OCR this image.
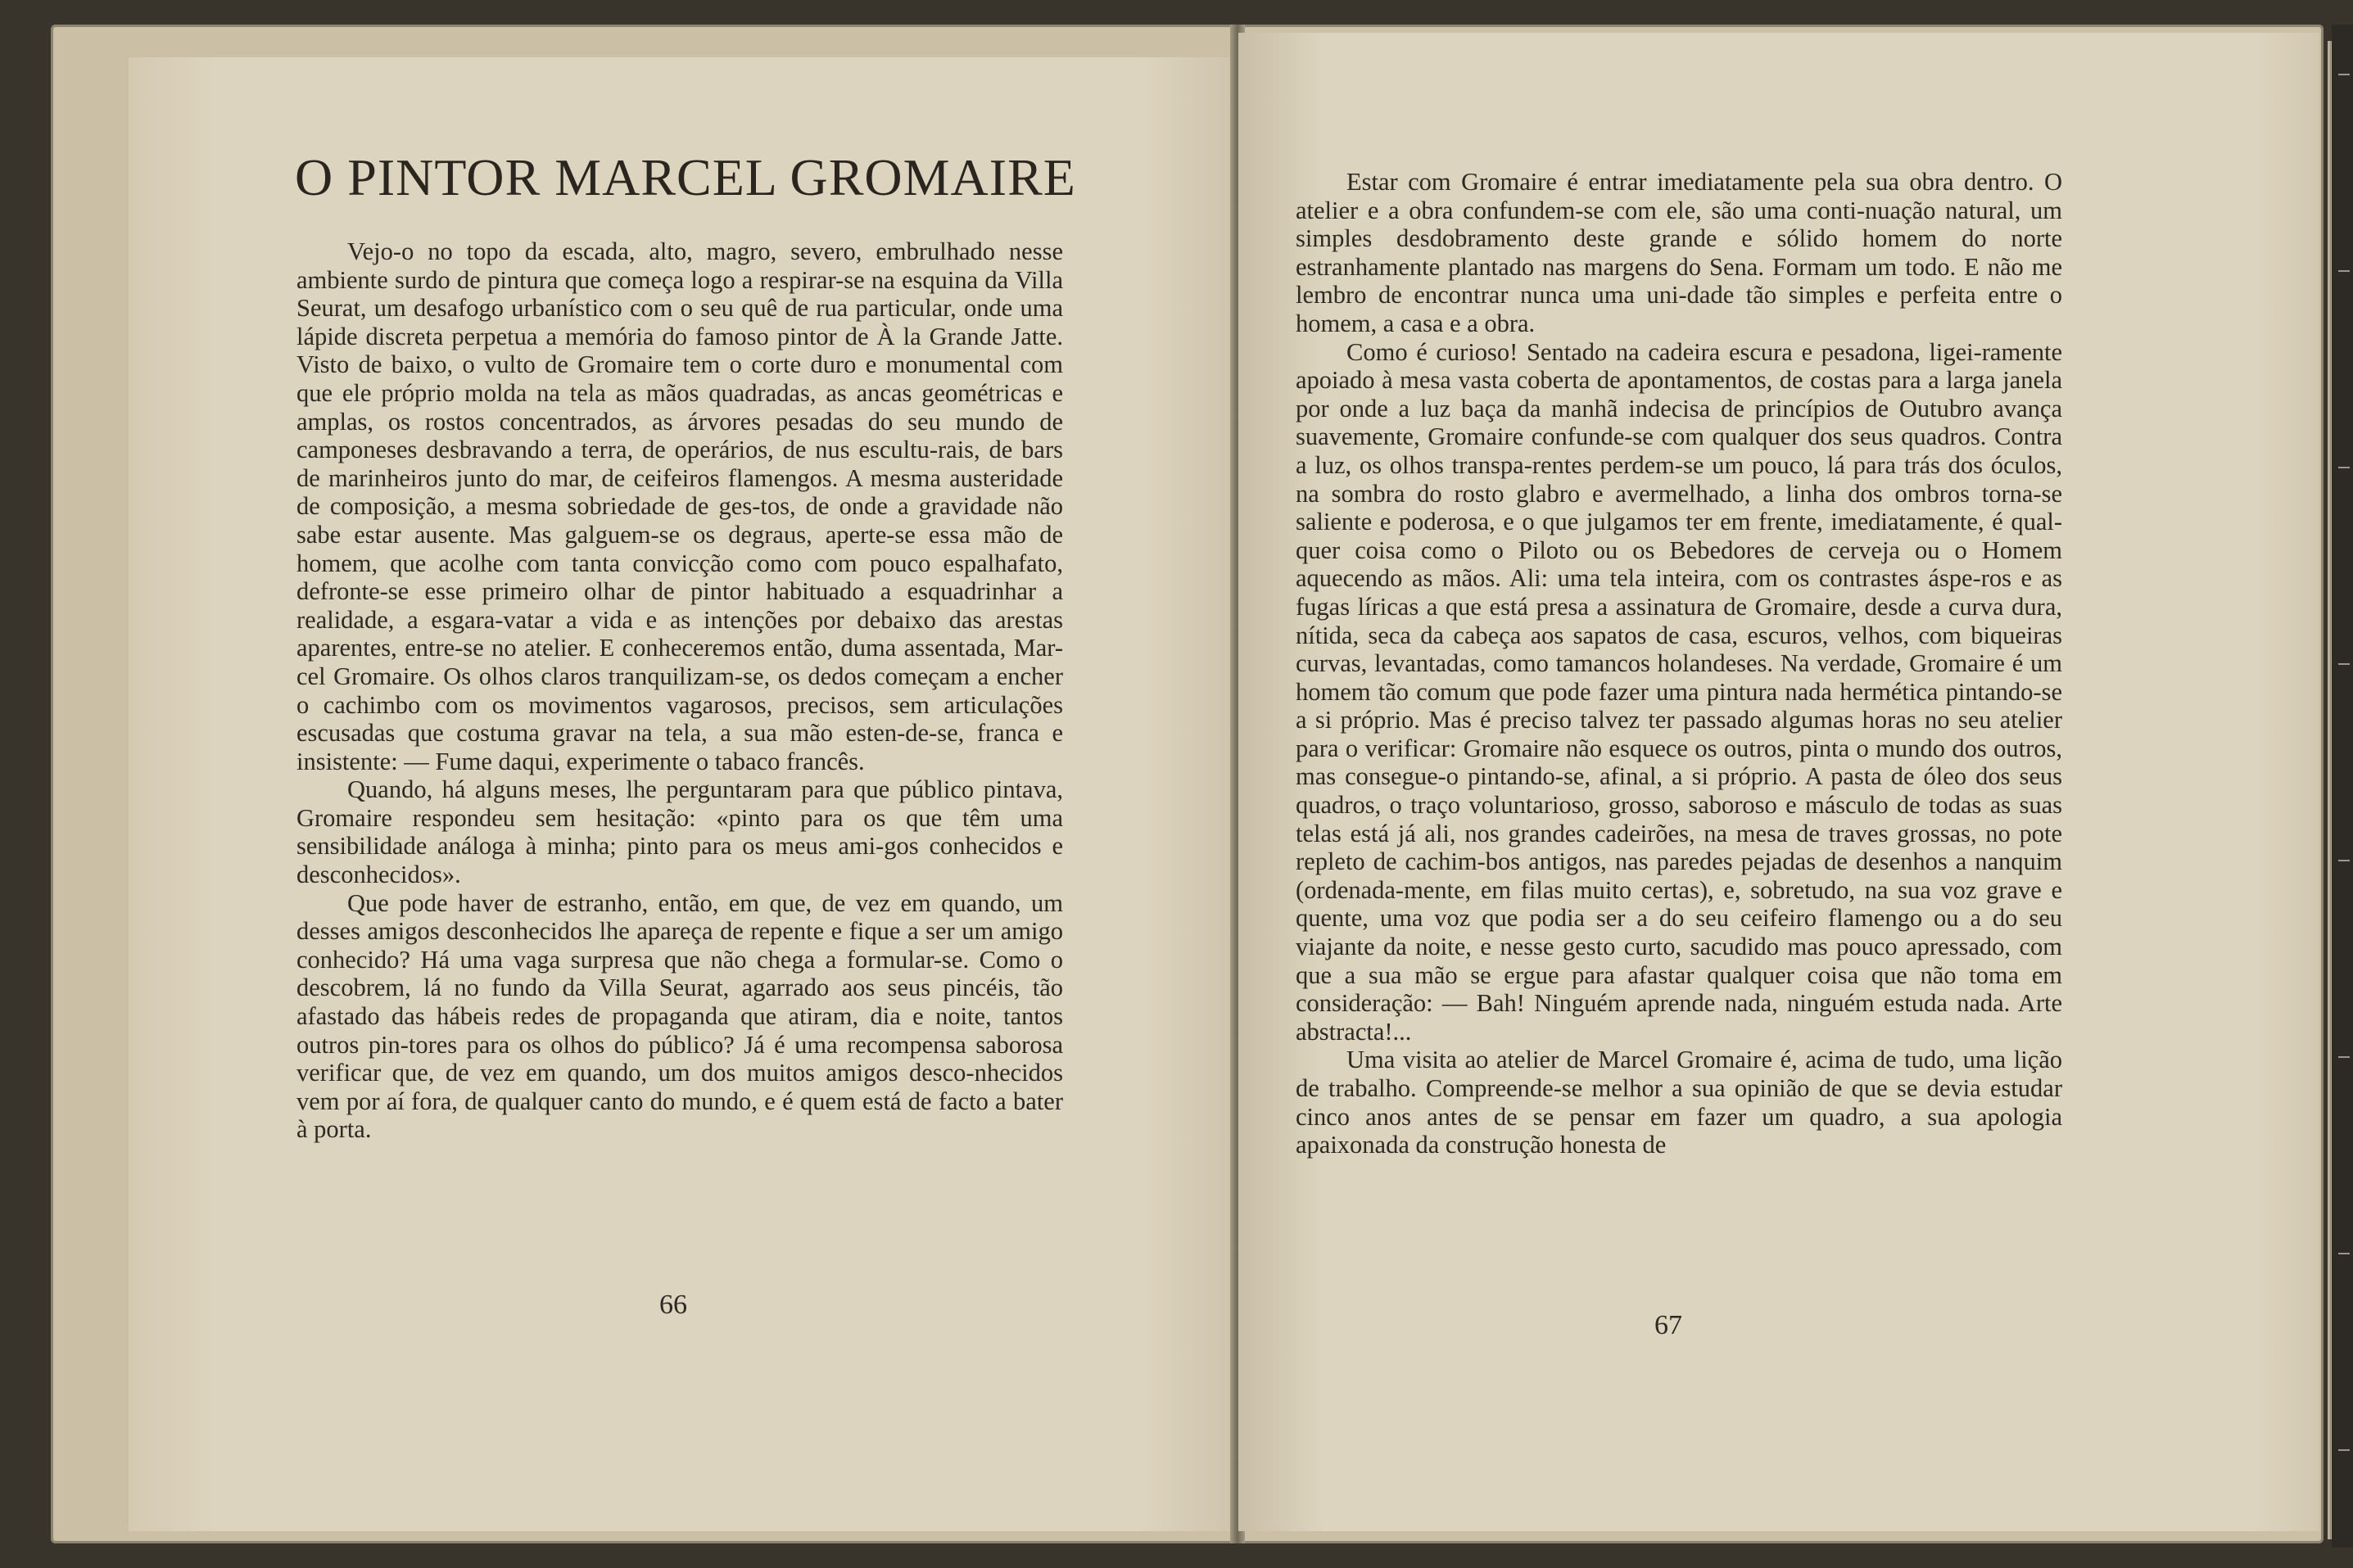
O PINTOR MARCEL GROMAIRE

Vejo-o no topo da escada, alto, magro, severo, embrulhado nesse ambiente surdo de pintura que começa logo a respirar-se na esquina da Villa Seurat, um desafogo urbanístico com o seu quê de rua particular, onde uma lápide discreta perpetua a memória do famoso pintor de À la Grande Jatte. Visto de baixo, o vulto de Gromaire tem o corte duro e monumental com que ele próprio molda na tela as mãos quadradas, as ancas geométricas e amplas, os rostos concentrados, as árvores pesadas do seu mundo de camponeses desbravando a terra, de operários, de nus escultu-rais, de bars de marinheiros junto do mar, de ceifeiros flamengos. A mesma austeridade de composição, a mesma sobriedade de ges-tos, de onde a gravidade não sabe estar ausente. Mas galguem-se os degraus, aperte-se essa mão de homem, que acolhe com tanta convicção como com pouco espalhafato, defronte-se esse primeiro olhar de pintor habituado a esquadrinhar a realidade, a esgara-vatar a vida e as intenções por debaixo das arestas aparentes, entre-se no atelier. E conheceremos então, duma assentada, Mar-cel Gromaire. Os olhos claros tranquilizam-se, os dedos começam a encher o cachimbo com os movimentos vagarosos, precisos, sem articulações escusadas que costuma gravar na tela, a sua mão esten-de-se, franca e insistente: — Fume daqui, experimente o tabaco francês.

Quando, há alguns meses, lhe perguntaram para que público pintava, Gromaire respondeu sem hesitação: «pinto para os que têm uma sensibilidade análoga à minha; pinto para os meus ami-gos conhecidos e desconhecidos».

Que pode haver de estranho, então, em que, de vez em quando, um desses amigos desconhecidos lhe apareça de repente e fique a ser um amigo conhecido? Há uma vaga surpresa que não chega a formular-se. Como o descobrem, lá no fundo da Villa Seurat, agarrado aos seus pincéis, tão afastado das hábeis redes de propaganda que atiram, dia e noite, tantos outros pin-tores para os olhos do público? Já é uma recompensa saborosa verificar que, de vez em quando, um dos muitos amigos desco-nhecidos vem por aí fora, de qualquer canto do mundo, e é quem está de facto a bater à porta.

66

Estar com Gromaire é entrar imediatamente pela sua obra dentro. O atelier e a obra confundem-se com ele, são uma conti-nuação natural, um simples desdobramento deste grande e sólido homem do norte estranhamente plantado nas margens do Sena. Formam um todo. E não me lembro de encontrar nunca uma uni-dade tão simples e perfeita entre o homem, a casa e a obra.

Como é curioso! Sentado na cadeira escura e pesadona, ligei-ramente apoiado à mesa vasta coberta de apontamentos, de costas para a larga janela por onde a luz baça da manhã indecisa de princípios de Outubro avança suavemente, Gromaire confunde-se com qualquer dos seus quadros. Contra a luz, os olhos transpa-rentes perdem-se um pouco, lá para trás dos óculos, na sombra do rosto glabro e avermelhado, a linha dos ombros torna-se saliente e poderosa, e o que julgamos ter em frente, imediatamente, é qual-quer coisa como o Piloto ou os Bebedores de cerveja ou o Homem aquecendo as mãos. Ali: uma tela inteira, com os contrastes áspe-ros e as fugas líricas a que está presa a assinatura de Gromaire, desde a curva dura, nítida, seca da cabeça aos sapatos de casa, escuros, velhos, com biqueiras curvas, levantadas, como tamancos holandeses. Na verdade, Gromaire é um homem tão comum que pode fazer uma pintura nada hermética pintando-se a si próprio. Mas é preciso talvez ter passado algumas horas no seu atelier para o verificar: Gromaire não esquece os outros, pinta o mundo dos outros, mas consegue-o pintando-se, afinal, a si próprio. A pasta de óleo dos seus quadros, o traço voluntarioso, grosso, saboroso e másculo de todas as suas telas está já ali, nos grandes cadeirões, na mesa de traves grossas, no pote repleto de cachim-bos antigos, nas paredes pejadas de desenhos a nanquim (ordenada-mente, em filas muito certas), e, sobretudo, na sua voz grave e quente, uma voz que podia ser a do seu ceifeiro flamengo ou a do seu viajante da noite, e nesse gesto curto, sacudido mas pouco apressado, com que a sua mão se ergue para afastar qualquer coisa que não toma em consideração: — Bah! Ninguém aprende nada, ninguém estuda nada. Arte abstracta!...

Uma visita ao atelier de Marcel Gromaire é, acima de tudo, uma lição de trabalho. Compreende-se melhor a sua opinião de que se devia estudar cinco anos antes de se pensar em fazer um quadro, a sua apologia apaixonada da construção honesta de

67
